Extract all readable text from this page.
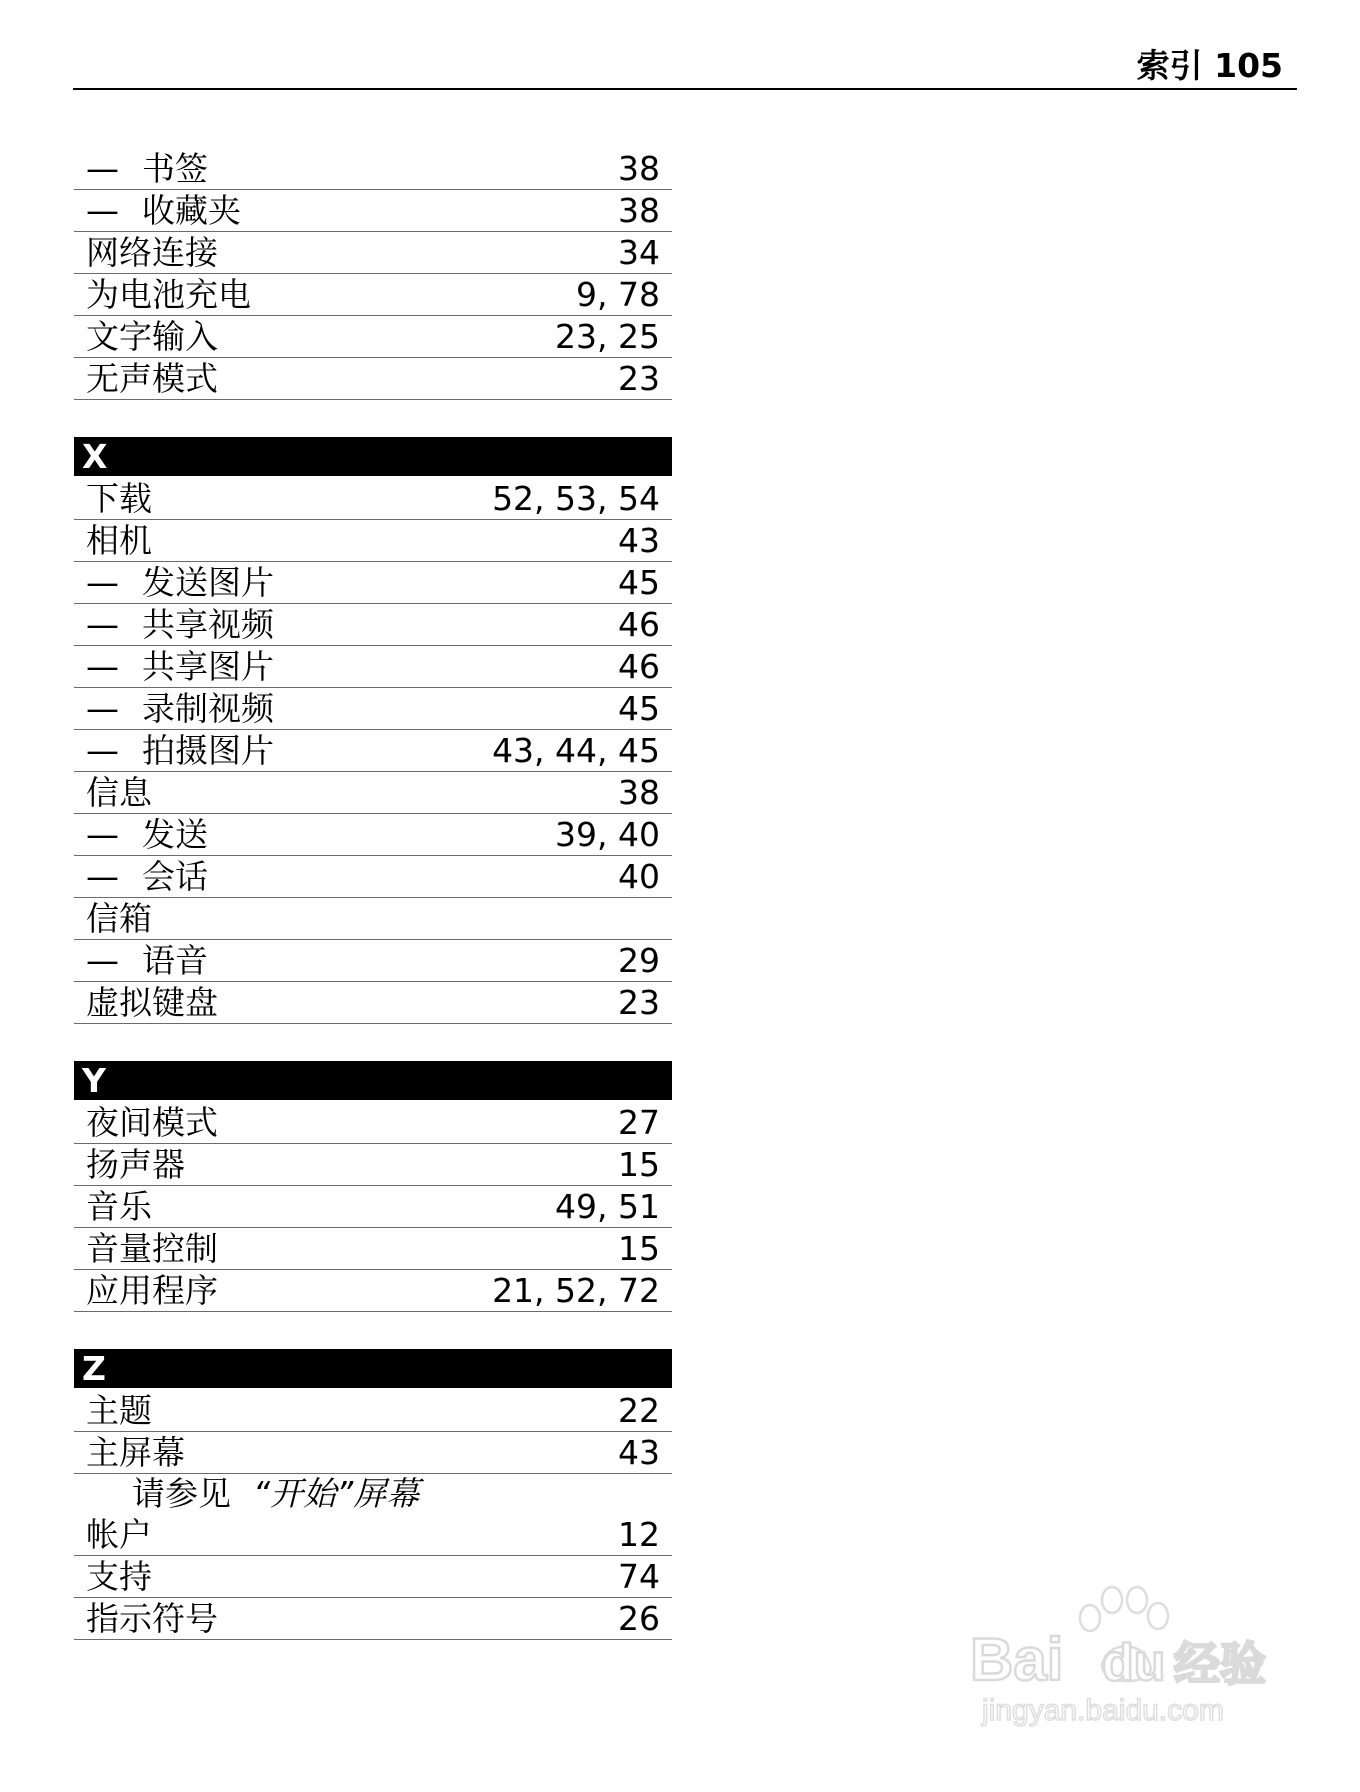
索引 105
— 书签	38
— 收藏夹	38
网络连接	34
为电池充电	9, 78
文字输入	23, 25
无声模式	23
X
下载	52, 53, 54
相机	43
— 发送图片	45
— 共享视频	46
— 共享图片	46
— 录制视频	45
— 拍摄图片	43, 44, 45
信息	38
— 发送	39, 40
— 会话	40
信箱
— 语音	29
虚拟键盘	23
Y
夜间模式	27
扬声器	15
音乐	49, 51
音量控制	15
应用程序	21, 52, 72
Z
主题	22
主屏幕	43
请参见 “开始”屏幕
帐户	12
支持	74
指示符号	26
Bai du 经验
jingyan.baidu.com
